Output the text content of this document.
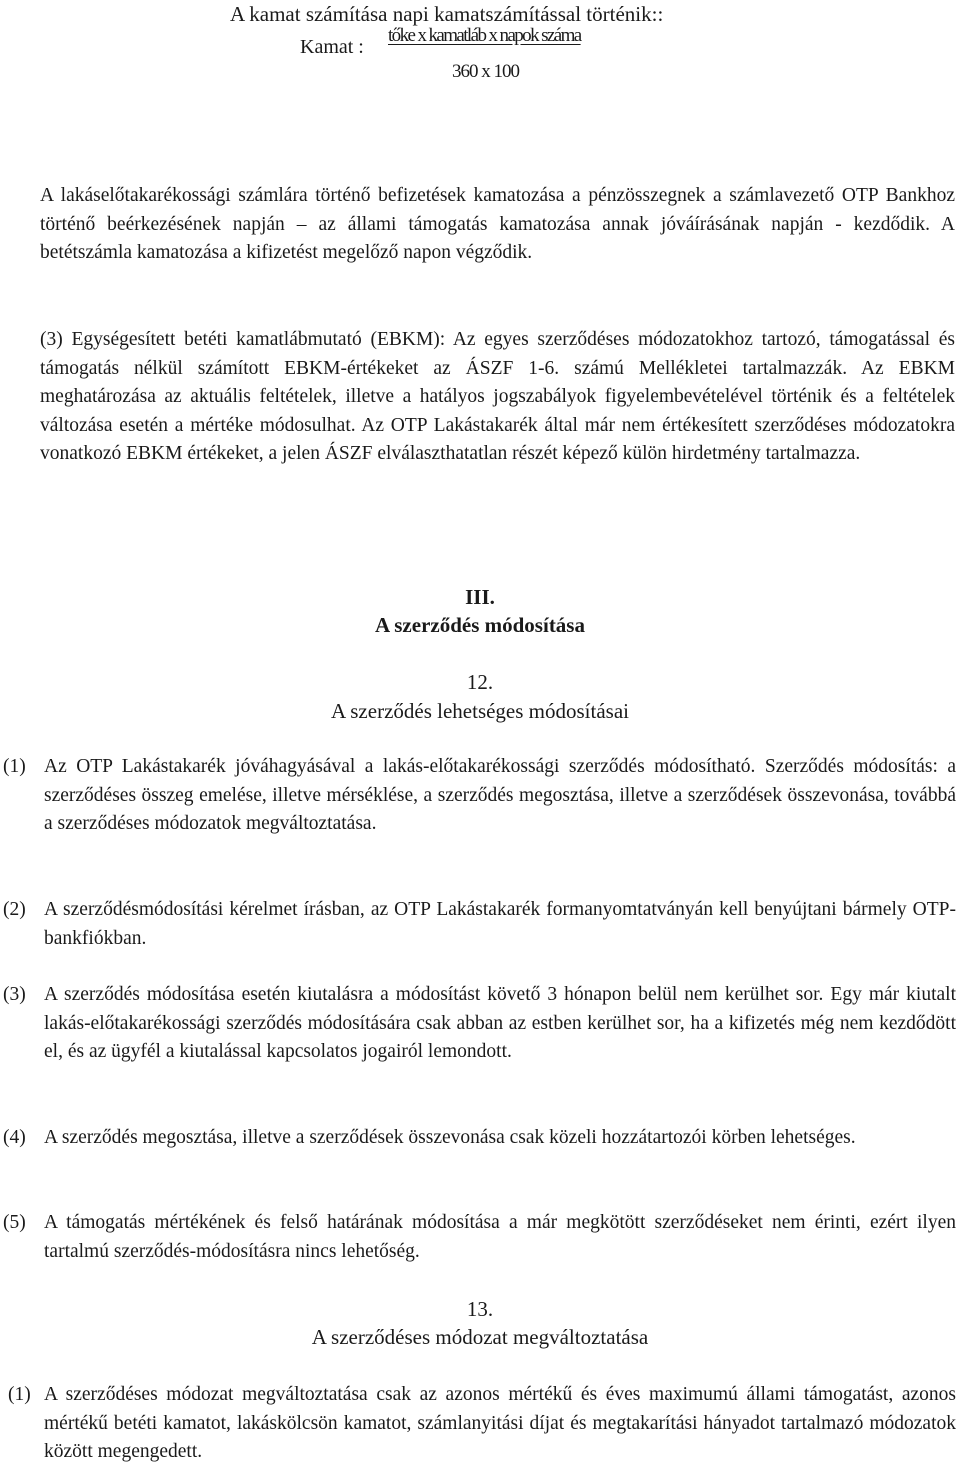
A kamat számítása napi kamatszámítással történik::
Kamat :
tőke x kamatláb x napok száma
360 x 100

A lakáselőtakarékossági számlára történő befizetések kamatozása a pénzösszegnek a számlavezető OTP Bankhoz történő beérkezésének napján – az állami támogatás kamatozása annak jóváírásának napján - kezdődik. A betétszámla kamatozása a kifizetést megelőző napon végződik.

(3) Egységesített betéti kamatlábmutató (EBKM): Az egyes szerződéses módozatokhoz tartozó, támogatással és támogatás nélkül számított EBKM-értékeket az ÁSZF 1-6. számú Mellékletei tartalmazzák. Az EBKM meghatározása az aktuális feltételek, illetve a hatályos jogszabályok figyelembevételével történik és a feltételek változása esetén a mértéke módosulhat. Az OTP Lakástakarék által már nem értékesített szerződéses módozatokra vonatkozó EBKM értékeket, a jelen ÁSZF elválaszthatatlan részét képező külön hirdetmény tartalmazza.

III.
A szerződés módosítása
12.
A szerződés lehetséges módosításai
(1) Az OTP Lakástakarék jóváhagyásával a lakás-előtakarékossági szerződés módosítható. Szerződés módosítás: a szerződéses összeg emelése, illetve mérséklése, a szerződés megosztása, illetve a szerződések összevonása, továbbá a szerződéses módozatok megváltoztatása.
(2) A szerződésmódosítási kérelmet írásban, az OTP Lakástakarék formanyomtatványán kell benyújtani bármely OTP-bankfiókban.
(3) A szerződés módosítása esetén kiutalásra a módosítást követő 3 hónapon belül nem kerülhet sor. Egy már kiutalt lakás-előtakarékossági szerződés módosítására csak abban az estben kerülhet sor, ha a kifizetés még nem kezdődött el, és az ügyfél a kiutalással kapcsolatos jogairól lemondott.
(4) A szerződés megosztása, illetve a szerződések összevonása csak közeli hozzátartozói körben lehetséges.
(5) A támogatás mértékének és felső határának módosítása a már megkötött szerződéseket nem érinti, ezért ilyen tartalmú szerződés-módosításra nincs lehetőség.
13.
A szerződéses módozat megváltoztatása
(1) A szerződéses módozat megváltoztatása csak az azonos mértékű és éves maximumú állami támogatást, azonos mértékű betéti kamatot, lakáskölcsön kamatot, számlanyitási díjat és megtakarítási hányadot tartalmazó módozatok között megengedett.
